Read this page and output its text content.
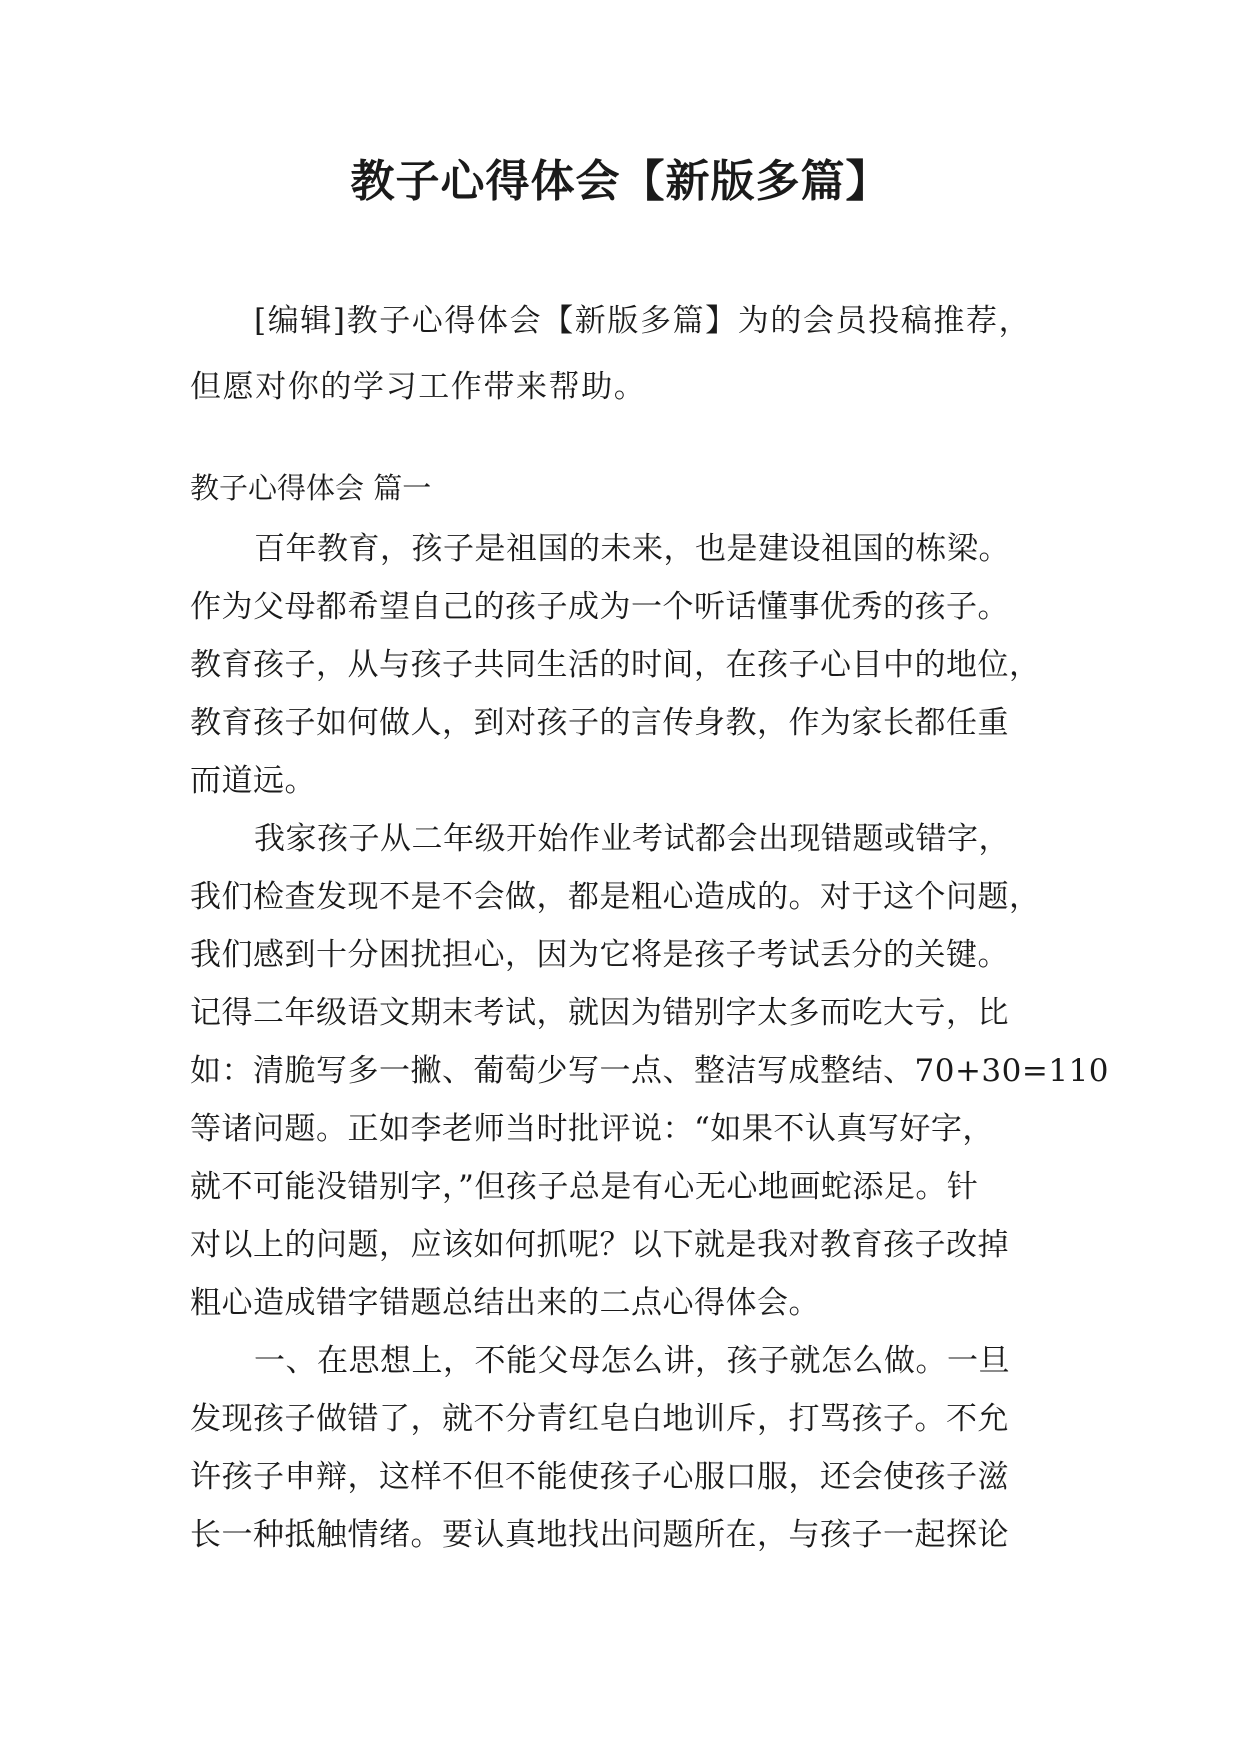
教子心得体会【新版多篇】
[编辑]教子心得体会【新版多篇】为的会员投稿推荐，
但愿对你的学习工作带来帮助。
教子心得体会 篇一
百年教育，孩子是祖国的未来，也是建设祖国的栋梁。
作为父母都希望自己的孩子成为一个听话懂事优秀的孩子。
教育孩子，从与孩子共同生活的时间，在孩子心目中的地位，
教育孩子如何做人，到对孩子的言传身教，作为家长都任重
而道远。
我家孩子从二年级开始作业考试都会出现错题或错字，
我们检查发现不是不会做，都是粗心造成的。对于这个问题，
我们感到十分困扰担心，因为它将是孩子考试丢分的关键。
记得二年级语文期末考试，就因为错别字太多而吃大亏，比
如：清脆写多一撇、葡萄少写一点、整洁写成整结、70+30=110
等诸问题。正如李老师当时批评说：“如果不认真写好字，
就不可能没错别字，”但孩子总是有心无心地画蛇添足。针
对以上的问题，应该如何抓呢？以下就是我对教育孩子改掉
粗心造成错字错题总结出来的二点心得体会。
一、在思想上，不能父母怎么讲，孩子就怎么做。一旦
发现孩子做错了，就不分青红皂白地训斥，打骂孩子。不允
许孩子申辩，这样不但不能使孩子心服口服，还会使孩子滋
长一种抵触情绪。要认真地找出问题所在，与孩子一起探论
